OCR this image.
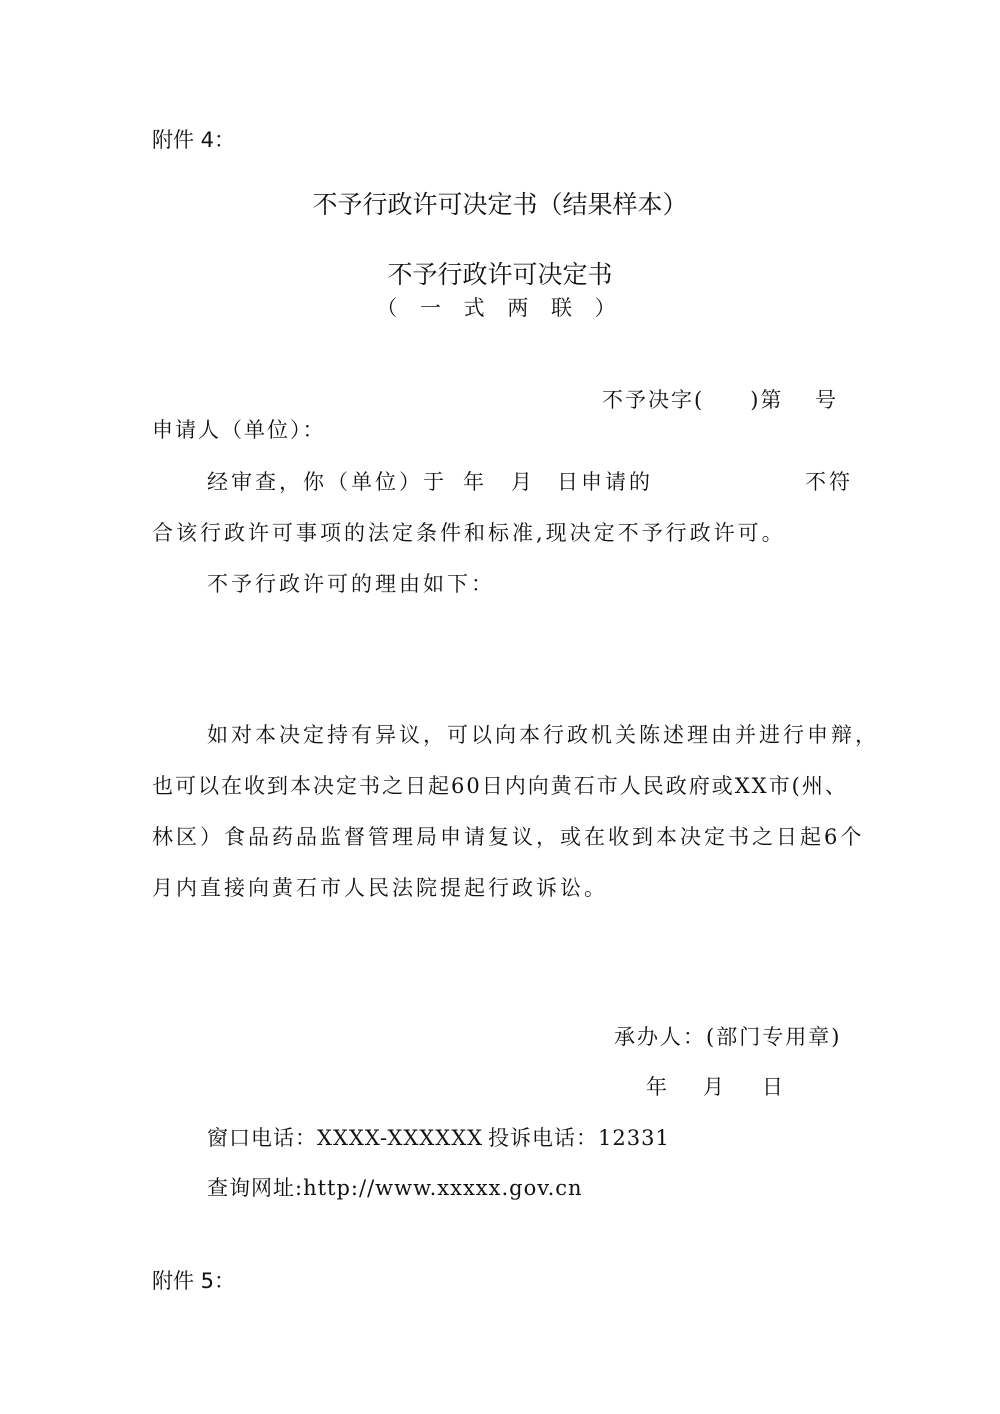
附件 4：
不予行政许可决定书（结果样本）
不予行政许可决定书
（ 一 式 两 联 ）
不予决字(　　)第　 号
申请人（单位）：
经审查，你（单位）于 年 月 日申请的	不符
合该行政许可事项的法定条件和标准,现决定不予行政许可。
不予行政许可的理由如下：
如对本决定持有异议，可以向本行政机关陈述理由并进行申辩，
也可以在收到本决定书之日起60日内向黄石市人民政府或XX市(州、
林区）食品药品监督管理局申请复议，或在收到本决定书之日起6个
月内直接向黄石市人民法院提起行政诉讼。
承办人：(部门专用章)
年 月 日
窗口电话：XXXX-XXXXXX 投诉电话：12331
查询网址:http://www.xxxxx.gov.cn
附件 5：
